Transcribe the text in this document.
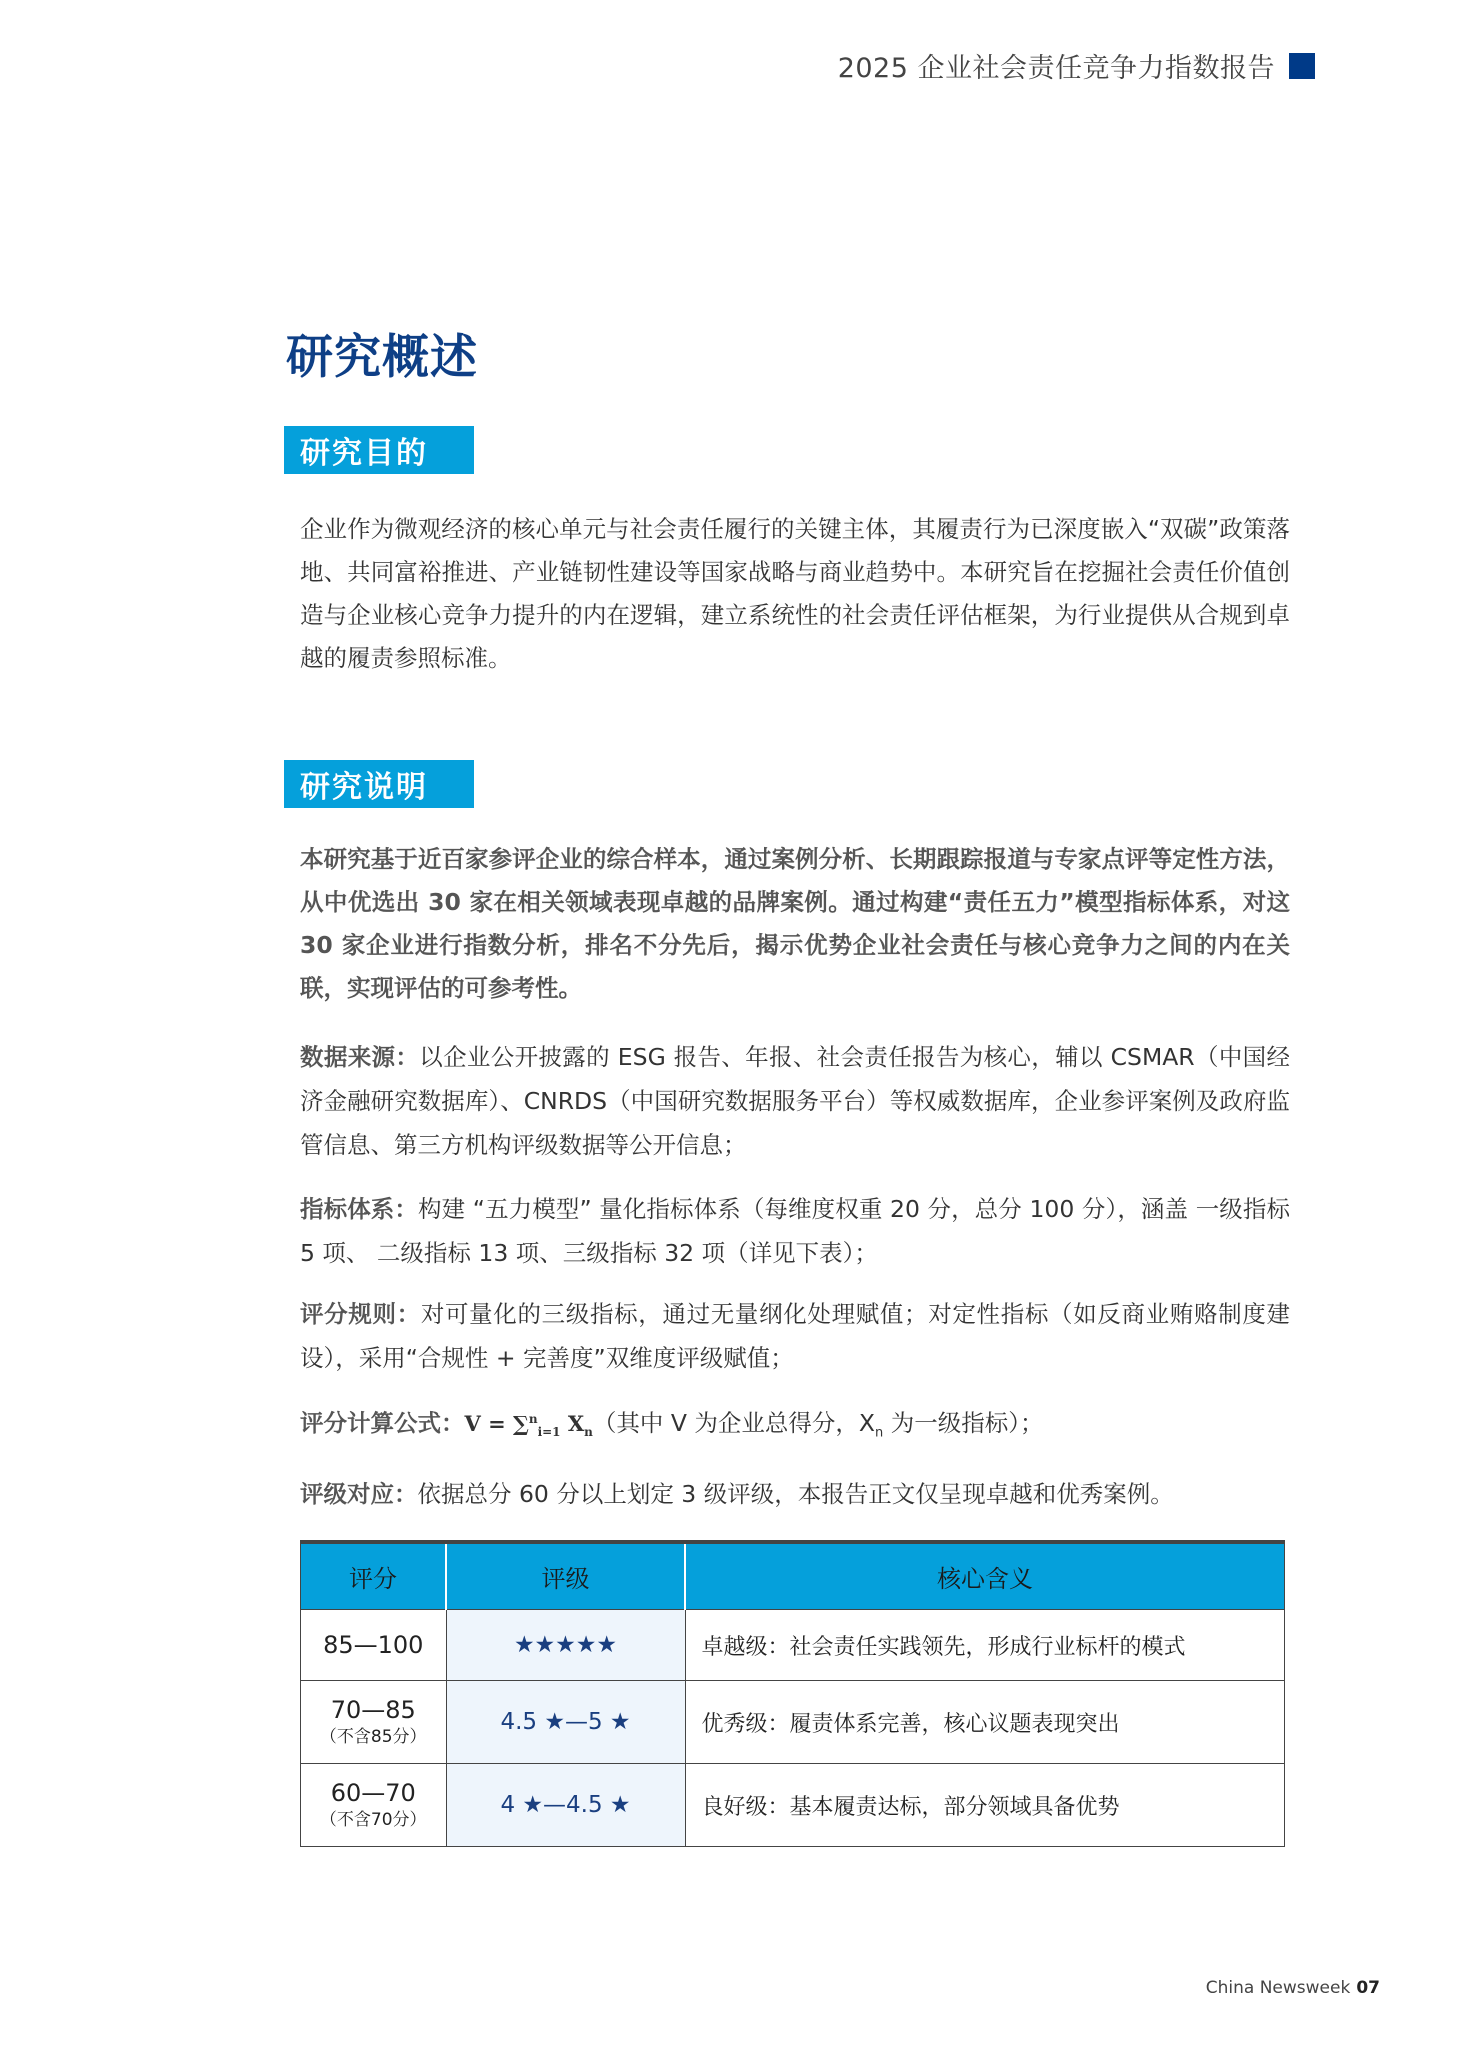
2025 企业社会责任竞争力指数报告
研究概述
研究目的

企业作为微观经济的核心单元与社会责任履行的关键主体，其履责行为已深度嵌入“双碳”政策落地、共同富裕推进、产业链韧性建设等国家战略与商业趋势中。本研究旨在挖掘社会责任价值创造与企业核心竞争力提升的内在逻辑，建立系统性的社会责任评估框架，为行业提供从合规到卓越的履责参照标准。

研究说明

本研究基于近百家参评企业的综合样本，通过案例分析、长期跟踪报道与专家点评等定性方法，从中优选出 30 家在相关领域表现卓越的品牌案例。通过构建“责任五力”模型指标体系，对这 30 家企业进行指数分析，排名不分先后，揭示优势企业社会责任与核心竞争力之间的内在关联，实现评估的可参考性。

数据来源：以企业公开披露的 ESG 报告、年报、社会责任报告为核心，辅以 CSMAR（中国经济金融研究数据库）、CNRDS（中国研究数据服务平台）等权威数据库，企业参评案例及政府监管信息、第三方机构评级数据等公开信息；

指标体系：构建 “五力模型” 量化指标体系（每维度权重 20 分，总分 100 分），涵盖 一级指标 5 项、 二级指标 13 项、三级指标 32 项（详见下表）；

评分规则：对可量化的三级指标，通过无量纲化处理赋值；对定性指标（如反商业贿赂制度建设），采用“合规性 + 完善度”双维度评级赋值；

评分计算公式：V = ∑$^n_{i=1}$ $X_n$（其中 V 为企业总得分，$X_n$ 为一级指标）；

评级对应：依据总分 60 分以上划定 3 级评级，本报告正文仅呈现卓越和优秀案例。

评分	评级	核心含义

85—100	★★★★★	卓越级：社会责任实践领先，形成行业标杆的模式

70—85
（不含85分）	4.5 ★—5 ★	优秀级：履责体系完善，核心议题表现突出

60—70
（不含70分）	4 ★—4.5 ★	良好级：基本履责达标，部分领域具备优势
China Newsweek 07
